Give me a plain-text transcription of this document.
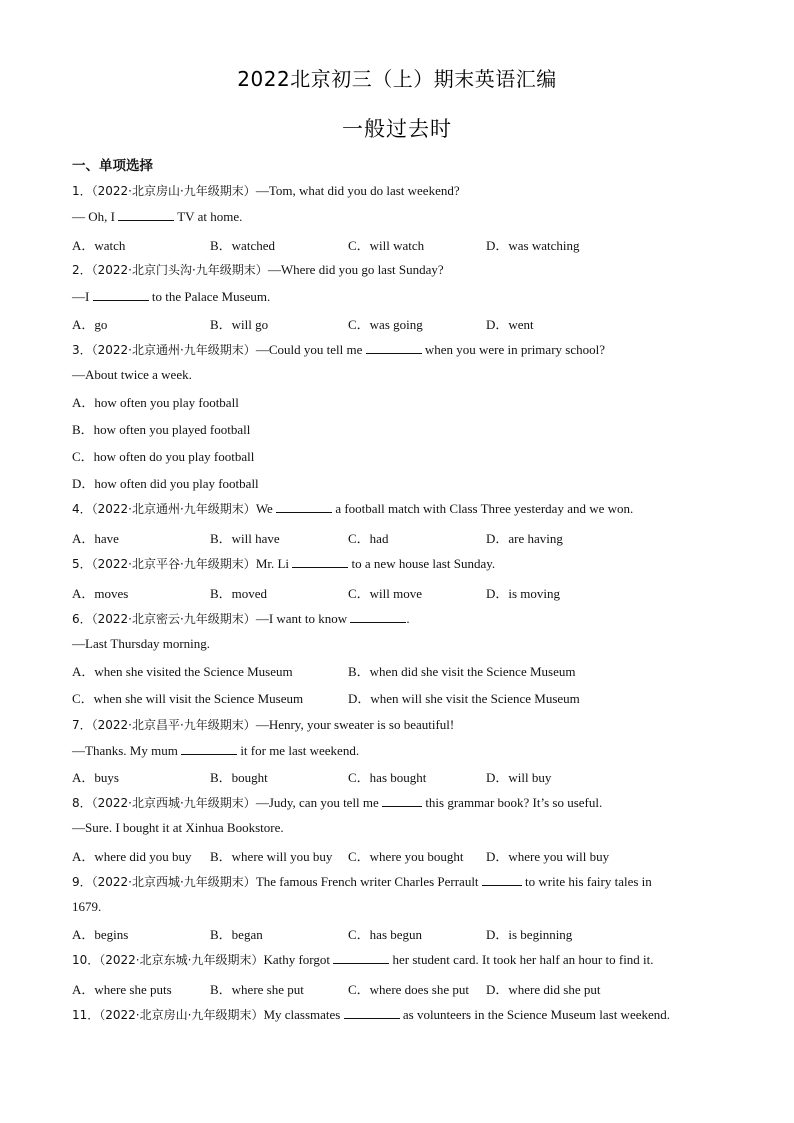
2022北京初三（上）期末英语汇编
一般过去时
一、单项选择
1．（2022·北京房山·九年级期末）—Tom, what did you do last weekend?
— Oh, I	TV at home.
A．watch	B．watched	C．will watch	D．was watching
2．（2022·北京门头沟·九年级期末）—Where did you go last Sunday?
—I	to the Palace Museum.
A．go	B．will go	C．was going	D．went
3．（2022·北京通州·九年级期末）—Could you tell me	when you were in primary school?
—About twice a week.
A．how often you play football
B．how often you played football
C．how often do you play football
D．how often did you play football
4．（2022·北京通州·九年级期末）We	a football match with Class Three yesterday and we won.
A．have	B．will have	C．had	D．are having
5．（2022·北京平谷·九年级期末）Mr. Li	to a new house last Sunday.
A．moves	B．moved	C．will move	D．is moving
6．（2022·北京密云·九年级期末）—I want to know	.
—Last Thursday morning.
A．when she visited the Science Museum	B．when did she visit the Science Museum
C．when she will visit the Science Museum	D．when will she visit the Science Museum
7．（2022·北京昌平·九年级期末）—Henry, your sweater is so beautiful!
—Thanks. My mum	it for me last weekend.
A．buys	B．bought	C．has bought	D．will buy
8．（2022·北京西城·九年级期末）—Judy, can you tell me	this grammar book? It’s so useful.
—Sure. I bought it at Xinhua Bookstore.
A．where did you buy B．where will you buy C．where you bought D．where you will buy
9．（2022·北京西城·九年级期末）The famous French writer Charles Perrault	to write his fairy tales in
1679.
A．begins	B．began	C．has begun	D．is beginning
10．（2022·北京东城·九年级期末）Kathy forgot	her student card. It took her half an hour to find it.
A．where she puts	B．where she put	C．where does she put D．where did she put
11．（2022·北京房山·九年级期末）My classmates	as volunteers in the Science Museum last weekend.
